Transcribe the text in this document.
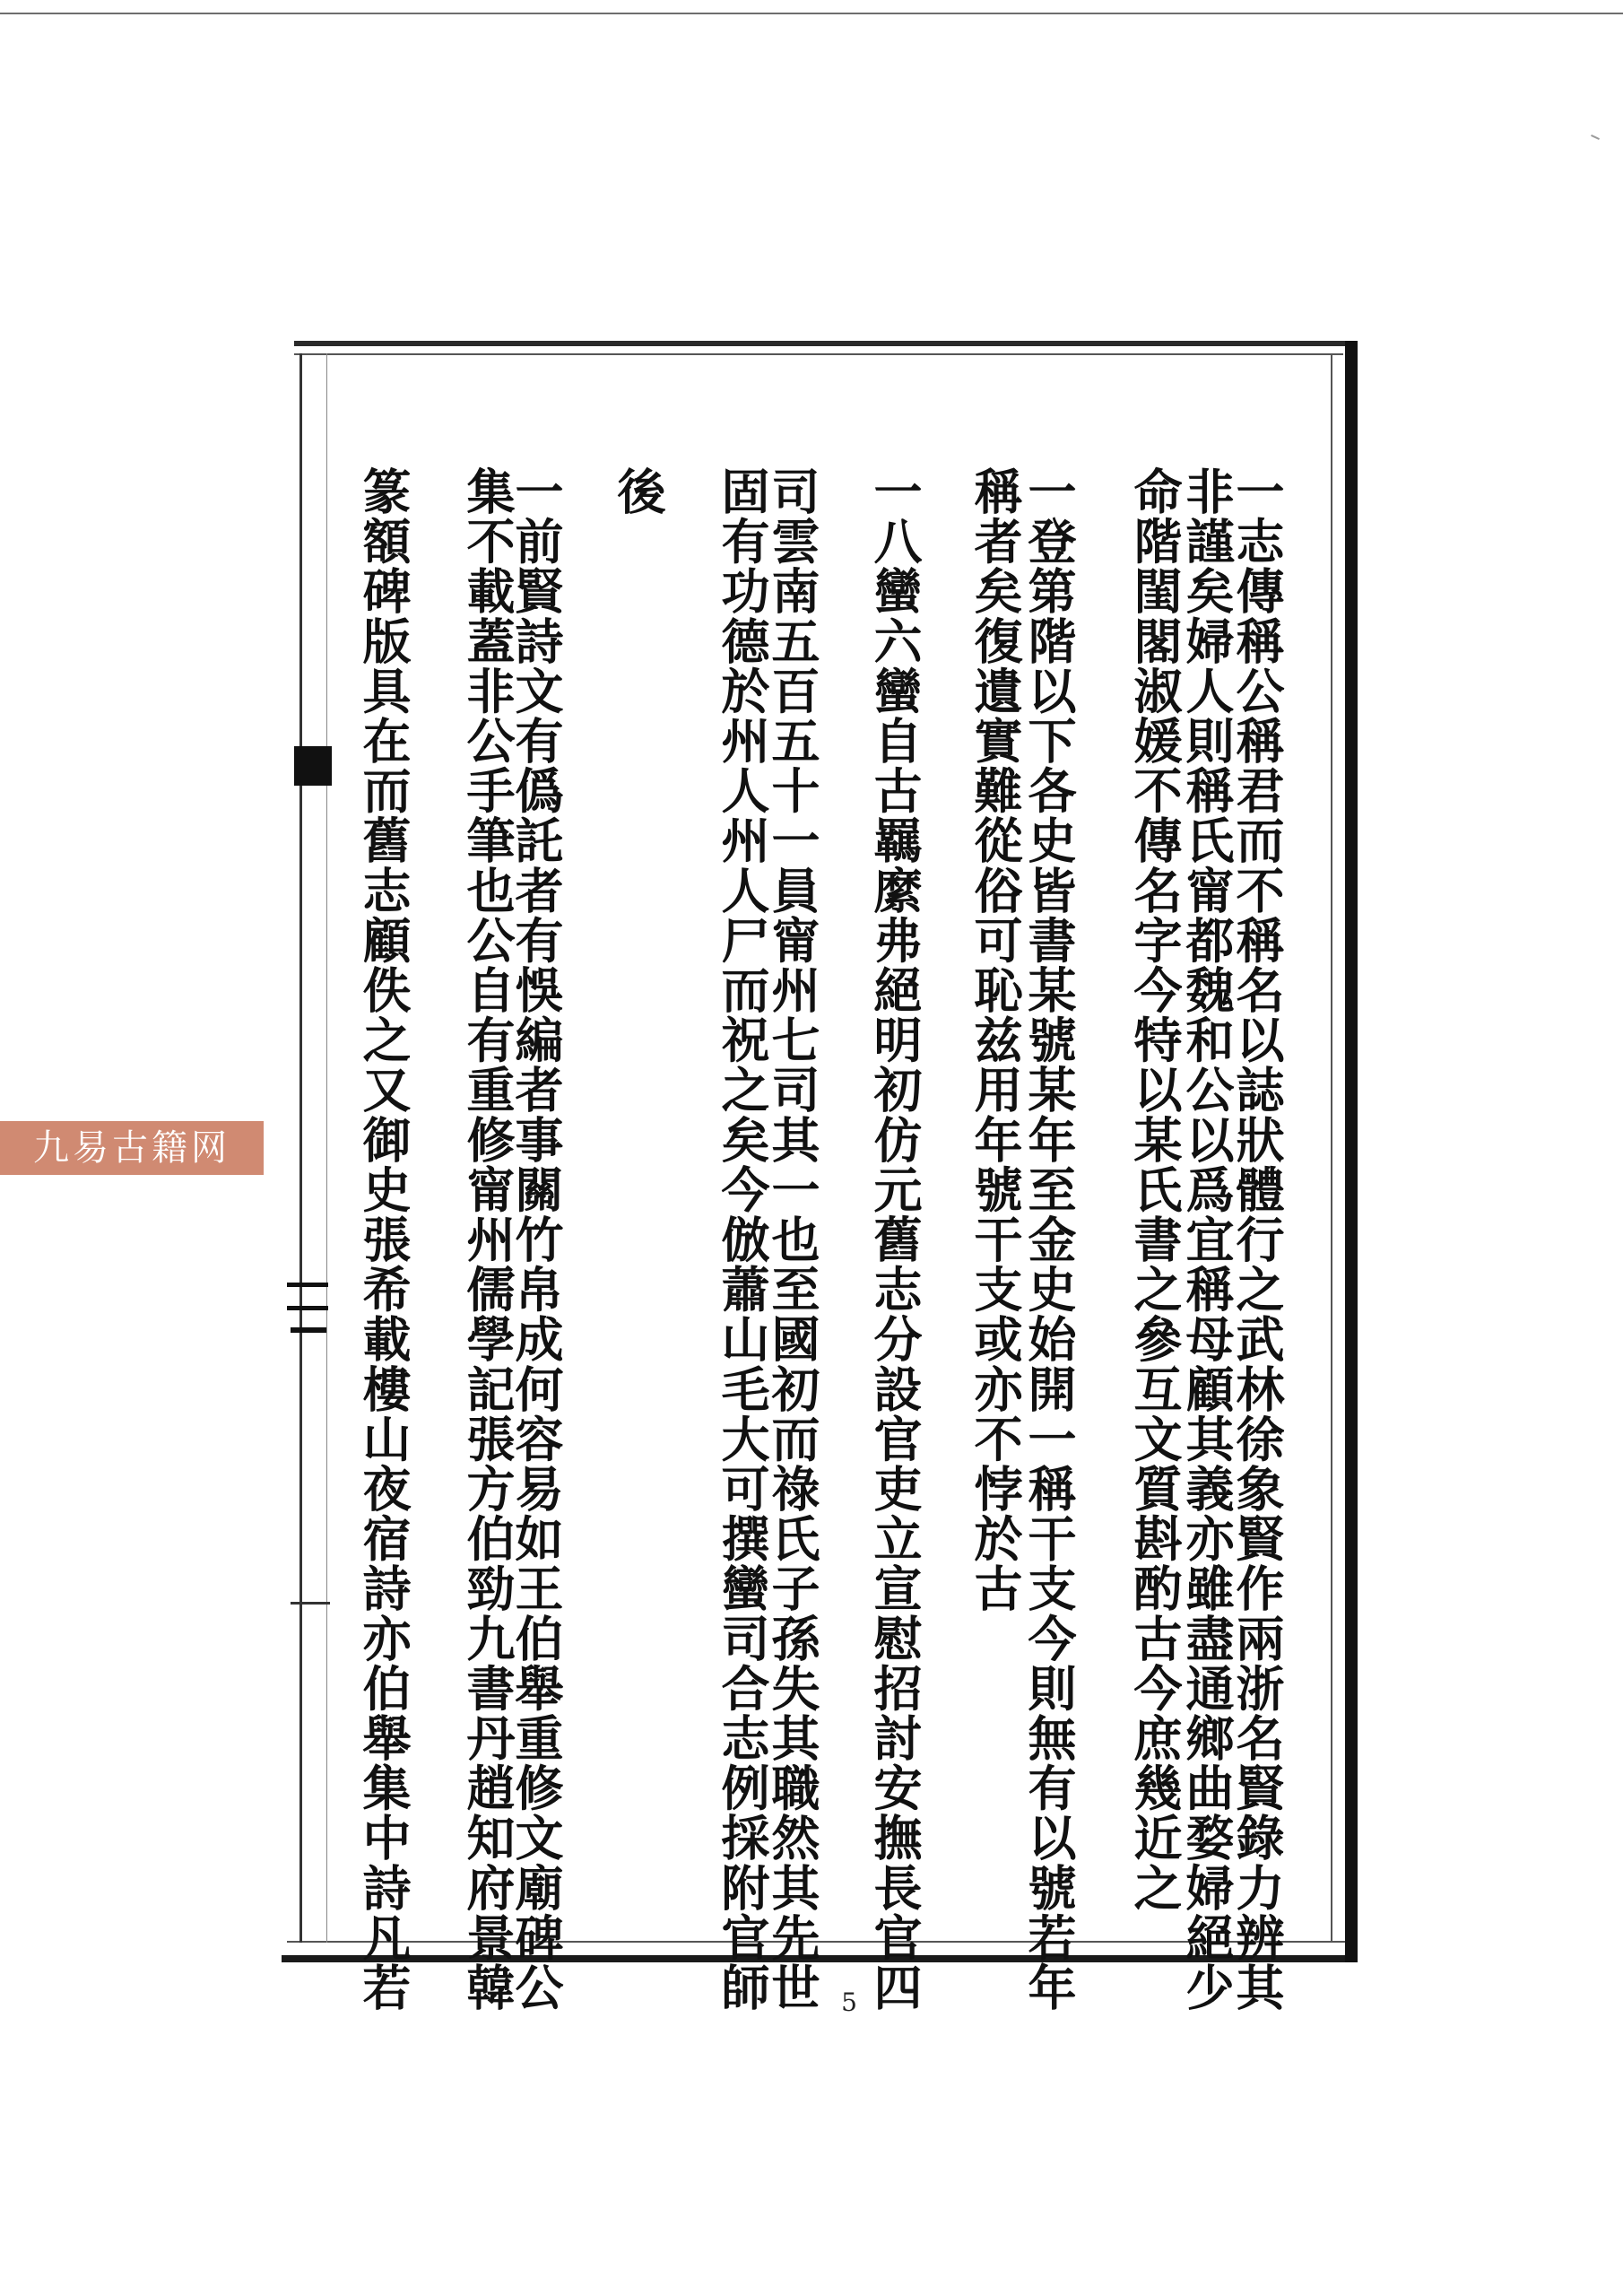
一志傳稱公稱君而不稱名以誌狀體行之武林徐象賢作兩浙名賢錄力辨其
非謹矣婦人則稱氏甯都魏和公以爲宜稱母顧其義亦雖盡通鄉曲婺婦絕少
命階閨閣淑媛不傳名字今特以某氏書之參互文質斟酌古今庶幾近之
一登第階以下各史皆書某號某年至金史始開一稱干支今則無有以號若年
稱者矣復遺實難從俗可恥兹用年號干支或亦不悖於古
一八蠻六蠻自古羈縻弗絕明初仿元舊志分設官吏立宣慰招討安撫長官四
司雲南五百五十一員甯州七司其一也至國初而祿氏子孫失其職然其先世
固有功德於州人州人尸而祝之矣今倣蕭山毛大可撰蠻司合志例採附官師
後
一前賢詩文有僞託者有悞編者事關竹帛成何容易如王伯舉重修文廟碑公
集不載蓋非公手筆也公自有重修甯州儒學記張方伯勁九書丹趙知府景韓
篆額碑版具在而舊志顧佚之又御史張希載樓山夜宿詩亦伯舉集中詩凡若	5
九易古籍网
